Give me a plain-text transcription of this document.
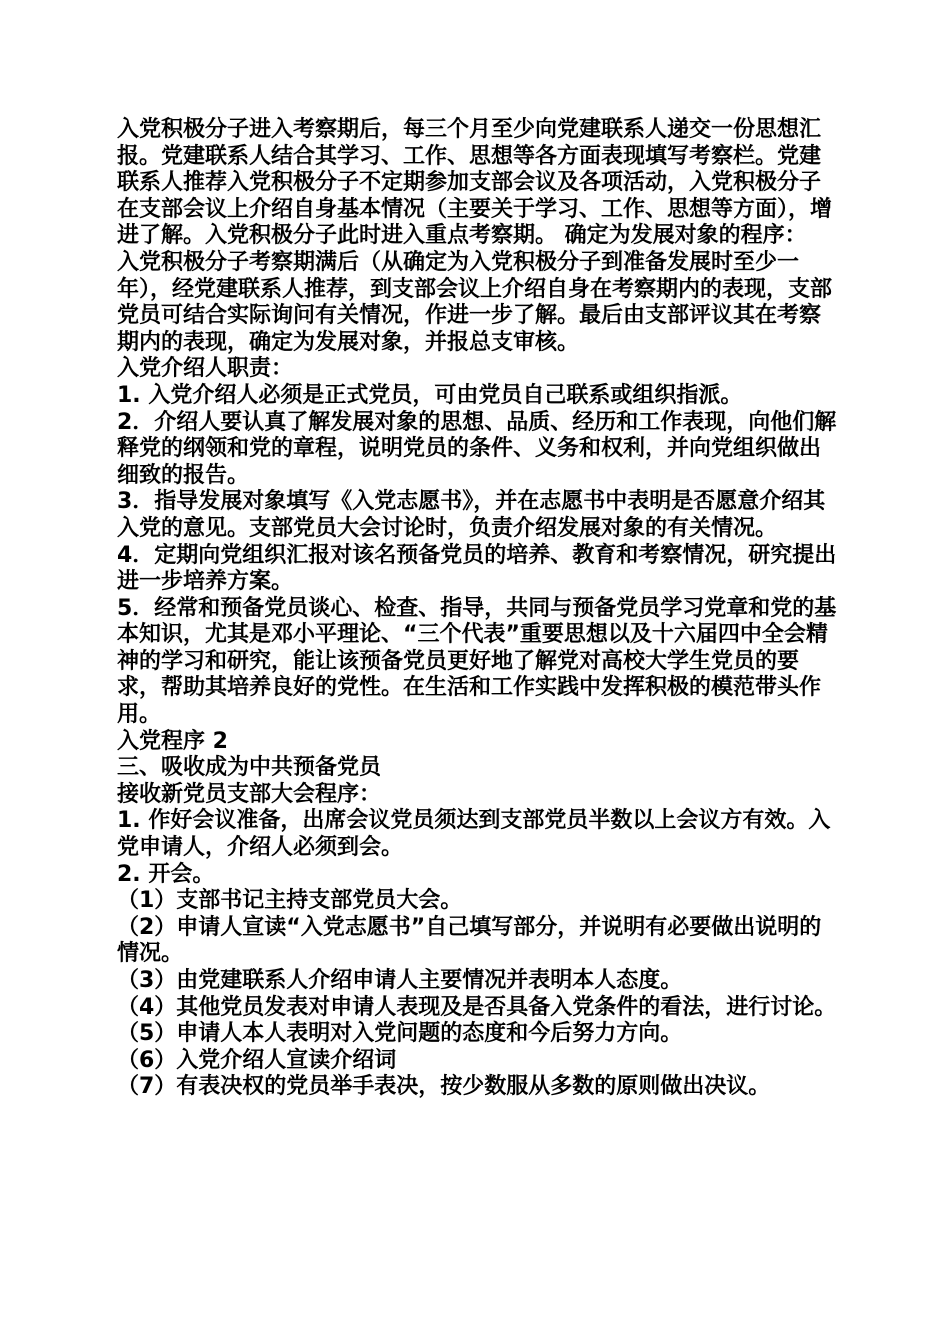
入党积极分子进入考察期后，每三个月至少向党建联系人递交一份思想汇报。党建联系人结合其学习、工作、思想等各方面表现填写考察栏。党建联系人推荐入党积极分子不定期参加支部会议及各项活动，入党积极分子在支部会议上介绍自身基本情况（主要关于学习、工作、思想等方面），增进了解。入党积极分子此时进入重点考察期。 确定为发展对象的程序：

入党积极分子考察期满后（从确定为入党积极分子到准备发展时至少一年），经党建联系人推荐，到支部会议上介绍自身在考察期内的表现，支部党员可结合实际询问有关情况，作进一步了解。最后由支部评议其在考察期内的表现，确定为发展对象，并报总支审核。

入党介绍人职责：

1. 入党介绍人必须是正式党员，可由党员自己联系或组织指派。

2．介绍人要认真了解发展对象的思想、品质、经历和工作表现，向他们解释党的纲领和党的章程，说明党员的条件、义务和权利，并向党组织做出细致的报告。

3．指导发展对象填写《入党志愿书》，并在志愿书中表明是否愿意介绍其入党的意见。支部党员大会讨论时，负责介绍发展对象的有关情况。

4．定期向党组织汇报对该名预备党员的培养、教育和考察情况，研究提出进一步培养方案。

5．经常和预备党员谈心、检查、指导，共同与预备党员学习党章和党的基本知识，尤其是邓小平理论、“三个代表”重要思想以及十六届四中全会精神的学习和研究，能让该预备党员更好地了解党对高校大学生党员的要求，帮助其培养良好的党性。在生活和工作实践中发挥积极的模范带头作用。

入党程序 2

三、吸收成为中共预备党员

接收新党员支部大会程序：

1. 作好会议准备，出席会议党员须达到支部党员半数以上会议方有效。入党申请人，介绍人必须到会。

2. 开会。

（1）支部书记主持支部党员大会。

（2）申请人宣读“入党志愿书”自己填写部分，并说明有必要做出说明的情况。

（3）由党建联系人介绍申请人主要情况并表明本人态度。

（4）其他党员发表对申请人表现及是否具备入党条件的看法，进行讨论。

（5）申请人本人表明对入党问题的态度和今后努力方向。

（6）入党介绍人宣读介绍词

（7）有表决权的党员举手表决，按少数服从多数的原则做出决议。
